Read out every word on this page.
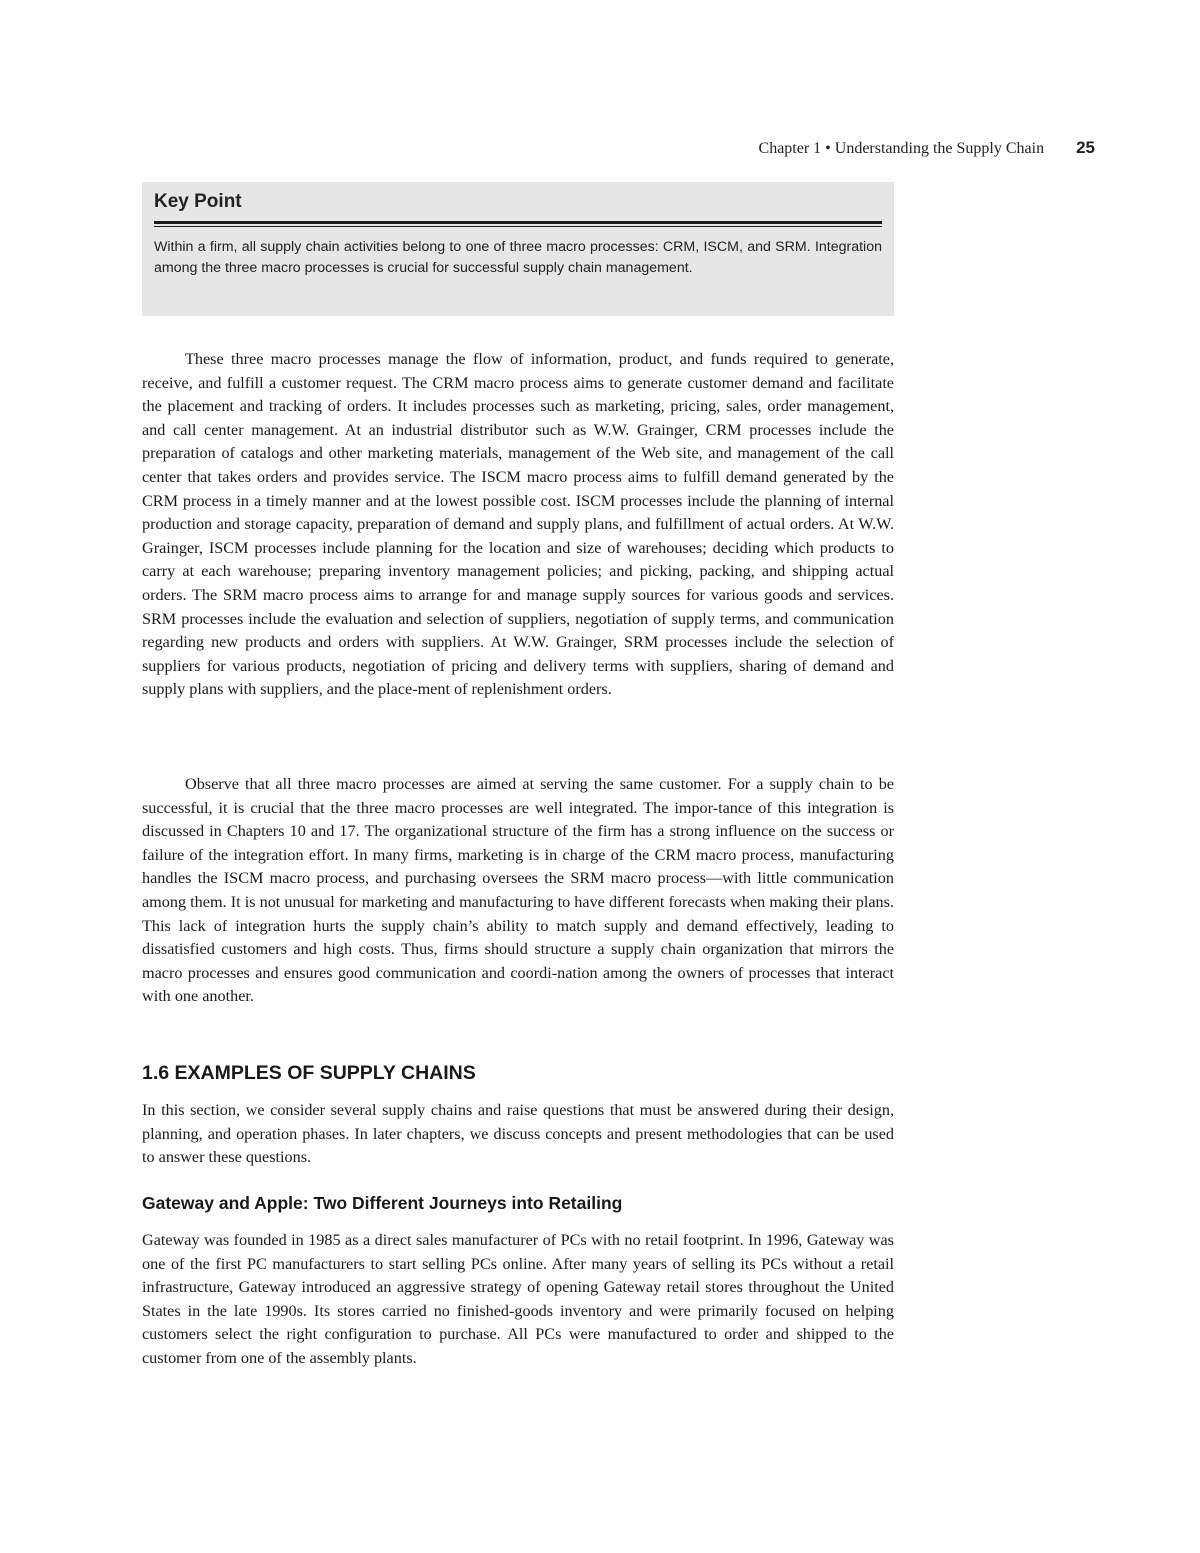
Chapter 1 • Understanding the Supply Chain 25
Key Point

Within a firm, all supply chain activities belong to one of three macro processes: CRM, ISCM, and SRM. Integration among the three macro processes is crucial for successful supply chain management.

These three macro processes manage the flow of information, product, and funds required to generate, receive, and fulfill a customer request. The CRM macro process aims to generate customer demand and facilitate the placement and tracking of orders. It includes processes such as marketing, pricing, sales, order management, and call center management. At an industrial distributor such as W.W. Grainger, CRM processes include the preparation of catalogs and other marketing materials, management of the Web site, and management of the call center that takes orders and provides service. The ISCM macro process aims to fulfill demand generated by the CRM process in a timely manner and at the lowest possible cost. ISCM processes include the planning of internal production and storage capacity, preparation of demand and supply plans, and fulfillment of actual orders. At W.W. Grainger, ISCM processes include planning for the location and size of warehouses; deciding which products to carry at each warehouse; preparing inventory management policies; and picking, packing, and shipping actual orders. The SRM macro process aims to arrange for and manage supply sources for various goods and services. SRM processes include the evaluation and selection of suppliers, negotiation of supply terms, and communication regarding new products and orders with suppliers. At W.W. Grainger, SRM processes include the selection of suppliers for various products, negotiation of pricing and delivery terms with suppliers, sharing of demand and supply plans with suppliers, and the place-ment of replenishment orders.

Observe that all three macro processes are aimed at serving the same customer. For a supply chain to be successful, it is crucial that the three macro processes are well integrated. The impor-tance of this integration is discussed in Chapters 10 and 17. The organizational structure of the firm has a strong influence on the success or failure of the integration effort. In many firms, marketing is in charge of the CRM macro process, manufacturing handles the ISCM macro process, and purchasing oversees the SRM macro process—with little communication among them. It is not unusual for marketing and manufacturing to have different forecasts when making their plans. This lack of integration hurts the supply chain’s ability to match supply and demand effectively, leading to dissatisfied customers and high costs. Thus, firms should structure a supply chain organization that mirrors the macro processes and ensures good communication and coordi-nation among the owners of processes that interact with one another.

1.6 EXAMPLES OF SUPPLY CHAINS

In this section, we consider several supply chains and raise questions that must be answered during their design, planning, and operation phases. In later chapters, we discuss concepts and present methodologies that can be used to answer these questions.

Gateway and Apple: Two Different Journeys into Retailing

Gateway was founded in 1985 as a direct sales manufacturer of PCs with no retail footprint. In 1996, Gateway was one of the first PC manufacturers to start selling PCs online. After many years of selling its PCs without a retail infrastructure, Gateway introduced an aggressive strategy of opening Gateway retail stores throughout the United States in the late 1990s. Its stores carried no finished-goods inventory and were primarily focused on helping customers select the right configuration to purchase. All PCs were manufactured to order and shipped to the customer from one of the assembly plants.
